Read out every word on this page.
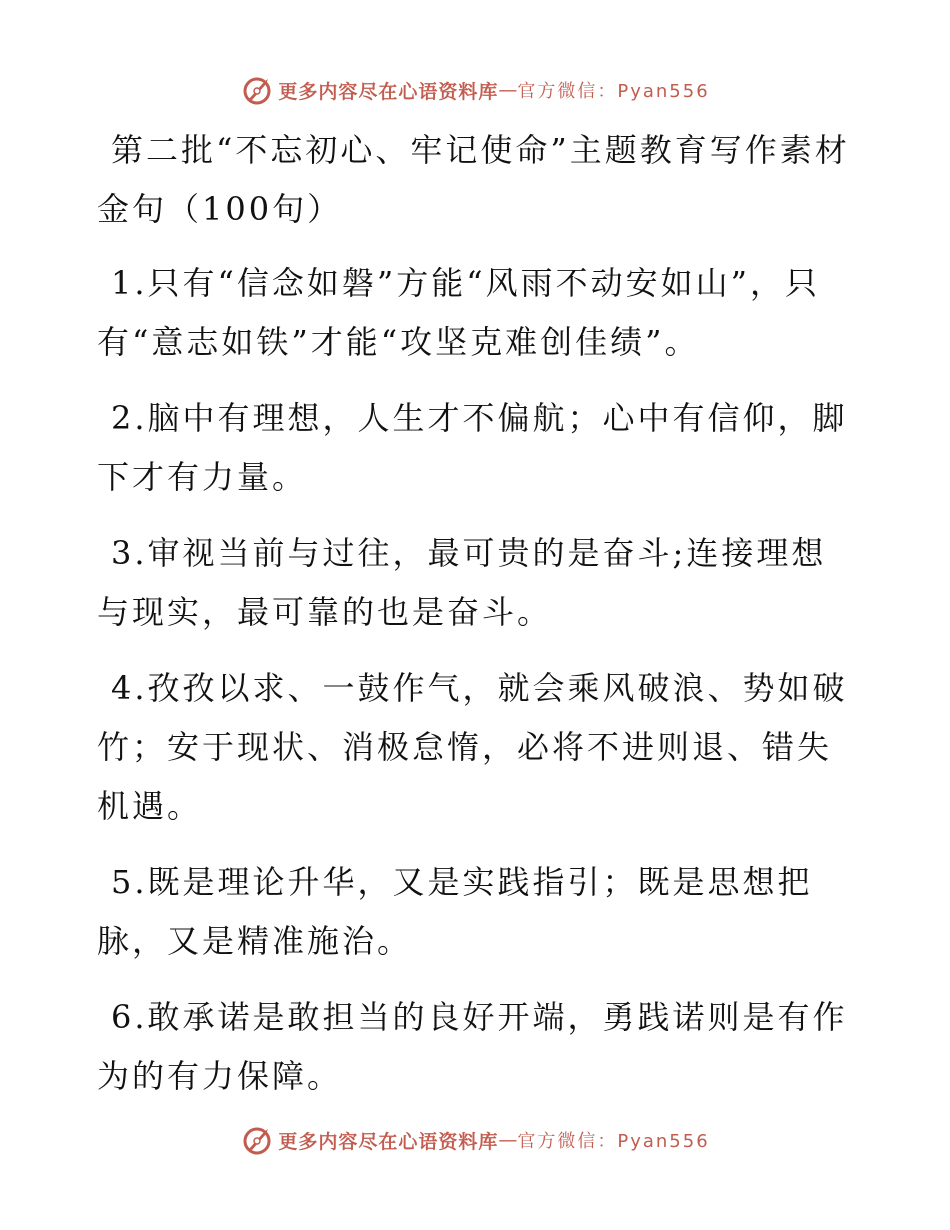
更多内容尽在心语资料库 — 官方微信：Pyan556

第二批“不忘初心、牢记使命”主题教育写作素材金句（100句）

1.只有“信念如磐”方能“风雨不动安如山”，只有“意志如铁”才能“攻坚克难创佳绩”。

2.脑中有理想，人生才不偏航；心中有信仰，脚下才有力量。

3.审视当前与过往，最可贵的是奋斗;连接理想与现实，最可靠的也是奋斗。

4.孜孜以求、一鼓作气，就会乘风破浪、势如破竹；安于现状、消极怠惰，必将不进则退、错失机遇。

5.既是理论升华，又是实践指引；既是思想把脉，又是精准施治。

6.敢承诺是敢担当的良好开端，勇践诺则是有作为的有力保障。

更多内容尽在心语资料库 — 官方微信：Pyan556
